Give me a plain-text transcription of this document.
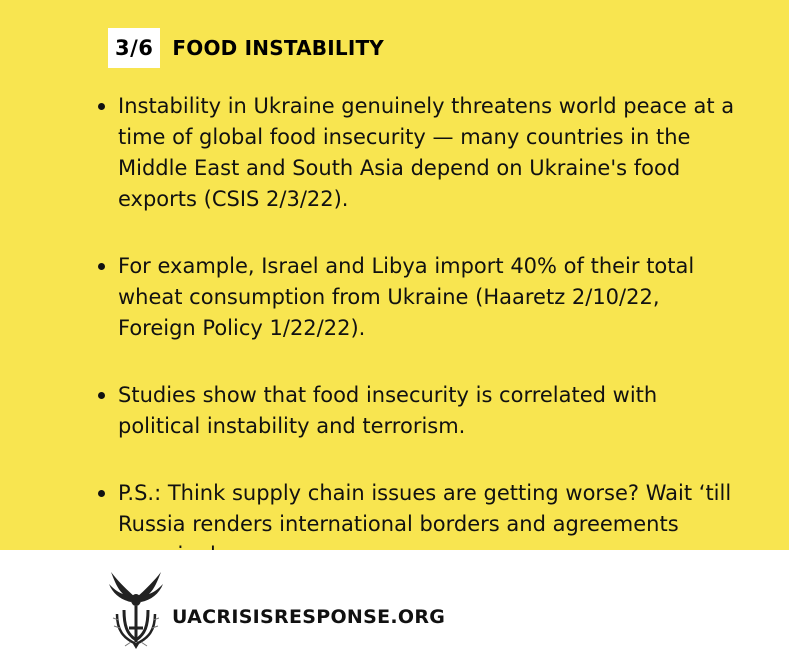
3/6 FOOD INSTABILITY
Instability in Ukraine genuinely threatens world peace at a time of global food insecurity — many countries in the Middle East and South Asia depend on Ukraine's food exports (CSIS 2/3/22).
For example, Israel and Libya import 40% of their total wheat consumption from Ukraine (Haaretz 2/10/22, Foreign Policy 1/22/22).
Studies show that food insecurity is correlated with political instability and terrorism.
P.S.: Think supply chain issues are getting worse? Wait ‘till Russia renders international borders and agreements
UACRISISRESPONSE.ORG
